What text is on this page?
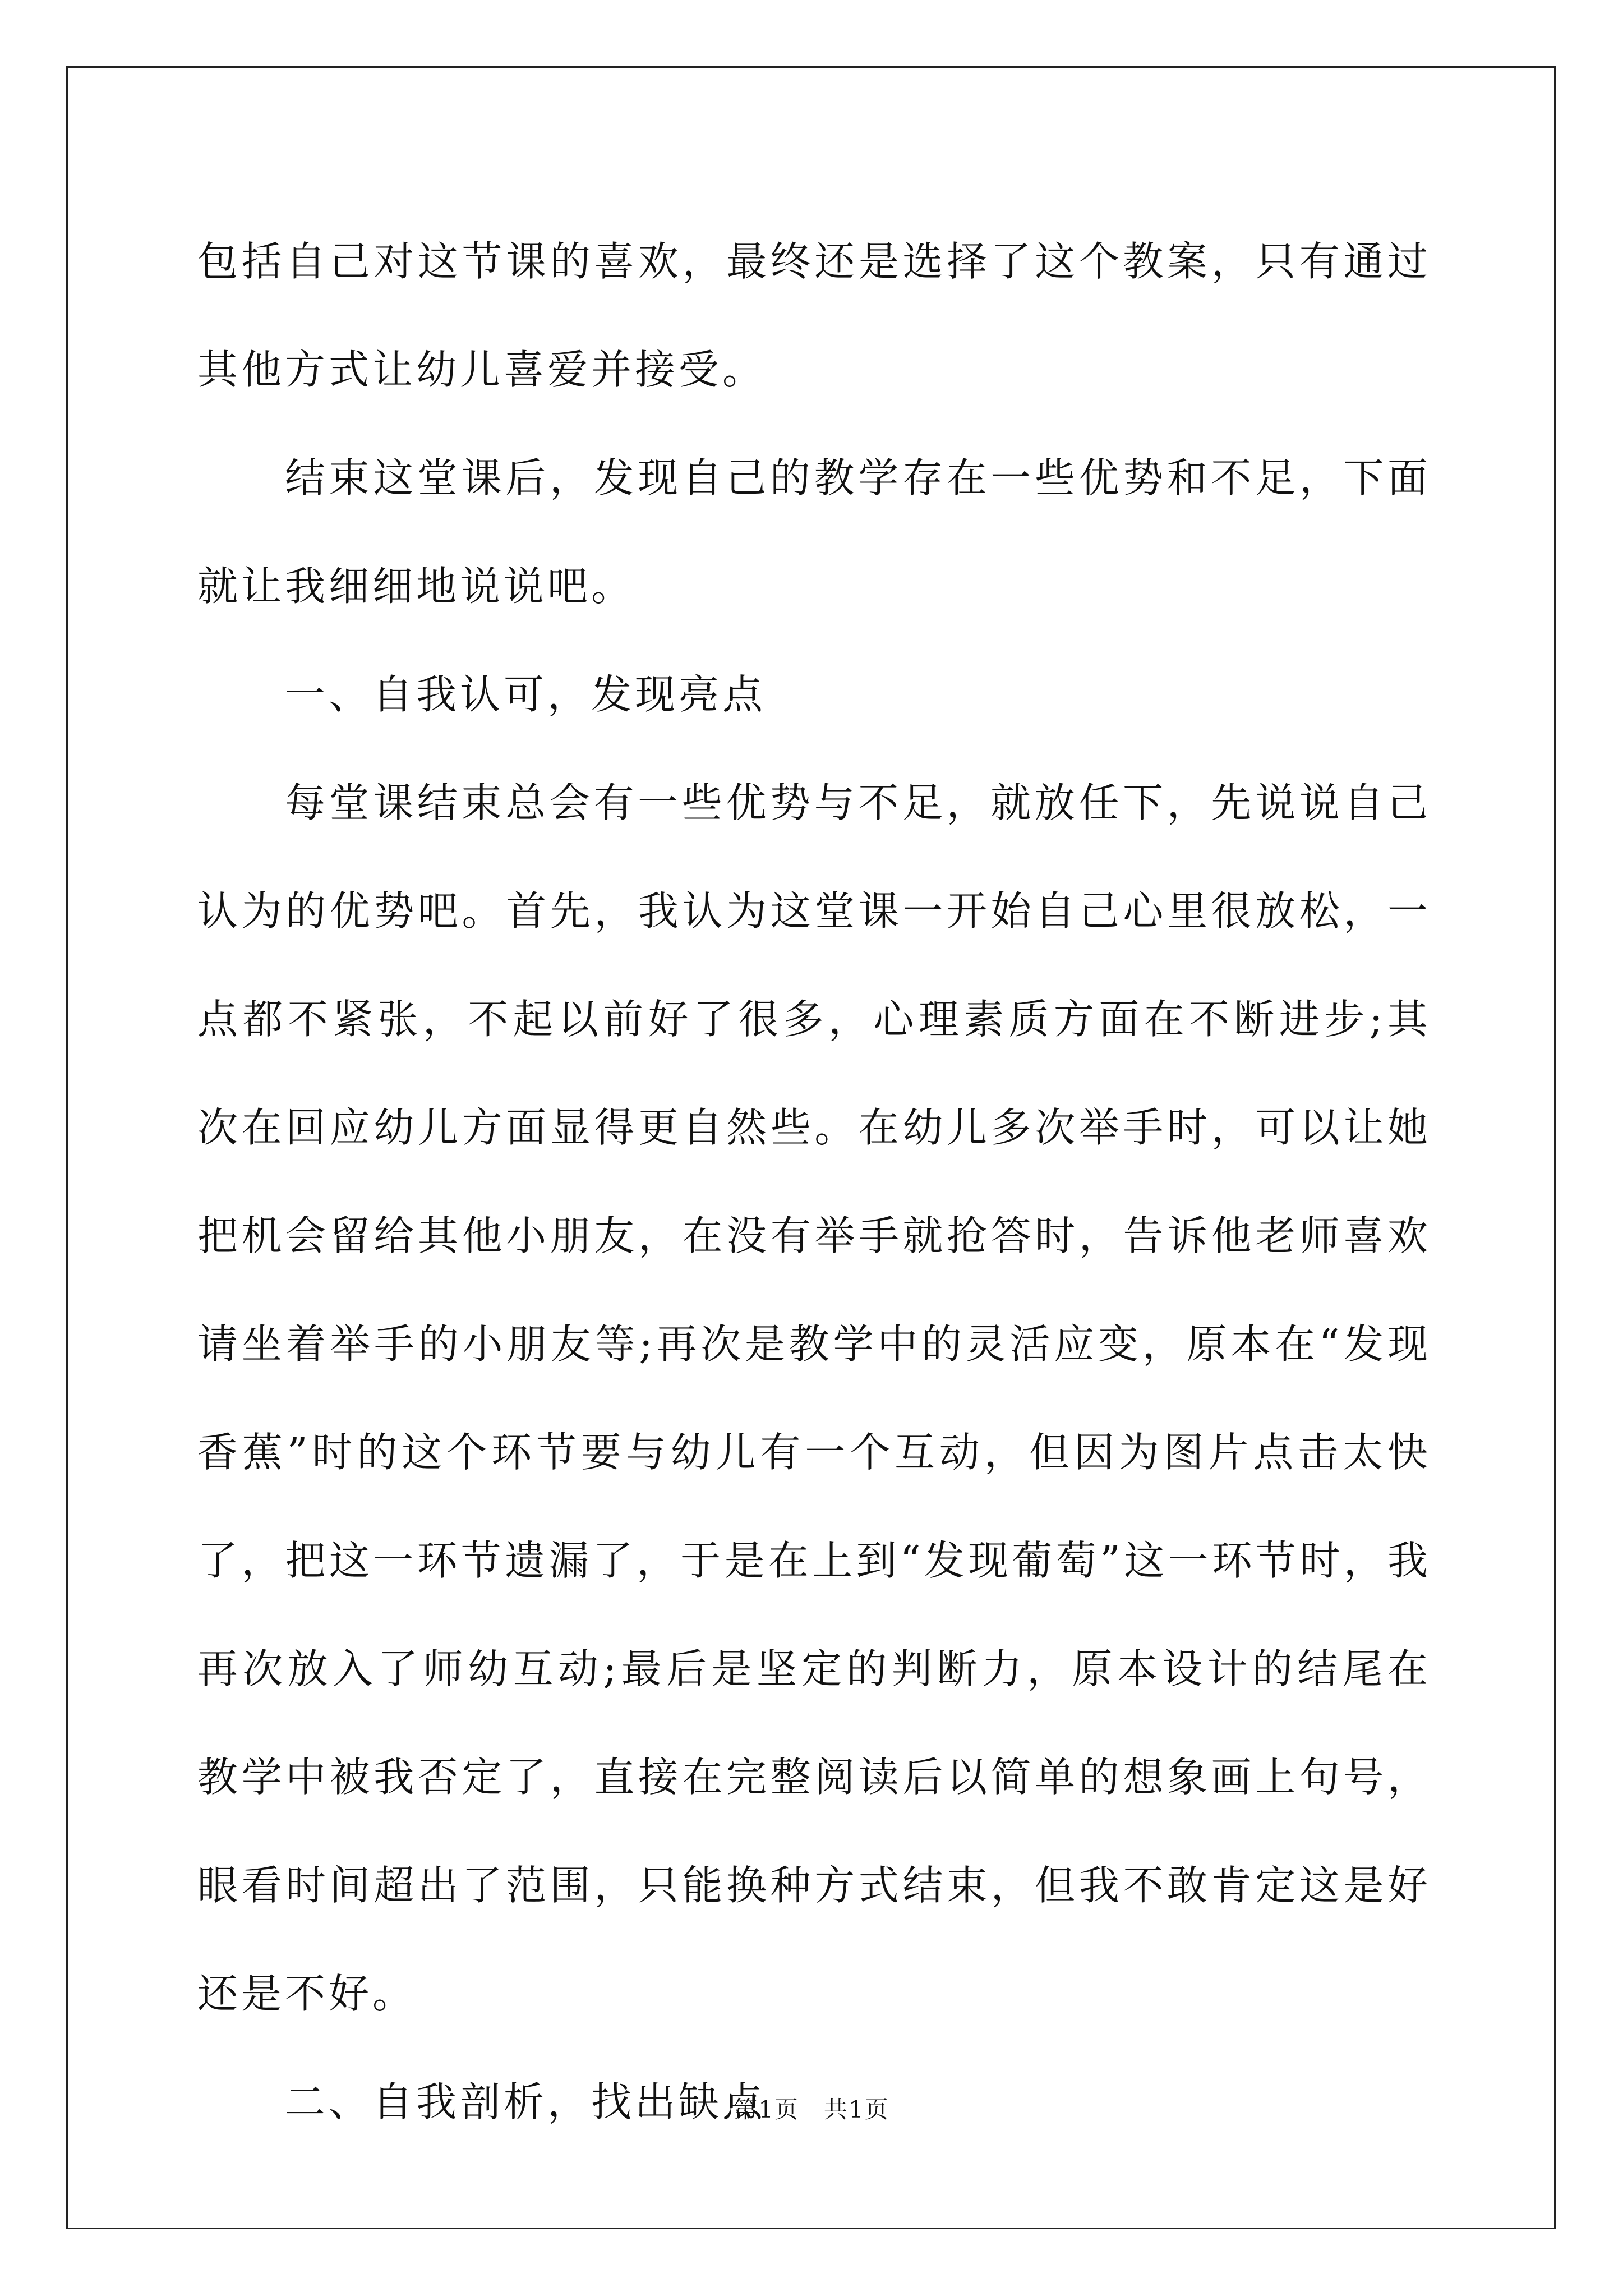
包括自己对这节课的喜欢，最终还是选择了这个教案，只有通过其他方式让幼儿喜爱并接受。

结束这堂课后，发现自己的教学存在一些优势和不足，下面就让我细细地说说吧。

一、自我认可，发现亮点

每堂课结束总会有一些优势与不足，就放任下，先说说自己认为的优势吧。首先，我认为这堂课一开始自己心里很放松，一点都不紧张，不起以前好了很多，心理素质方面在不断进步;其次在回应幼儿方面显得更自然些。在幼儿多次举手时，可以让她把机会留给其他小朋友，在没有举手就抢答时，告诉他老师喜欢请坐着举手的小朋友等;再次是教学中的灵活应变，原本在“发现香蕉”时的这个环节要与幼儿有一个互动，但因为图片点击太快了，把这一环节遗漏了，于是在上到“发现葡萄”这一环节时，我再次放入了师幼互动;最后是坚定的判断力，原本设计的结尾在教学中被我否定了，直接在完整阅读后以简单的想象画上句号，眼看时间超出了范围，只能换种方式结束，但我不敢肯定这是好还是不好。

二、自我剖析，找出缺点

第1页　共1页
